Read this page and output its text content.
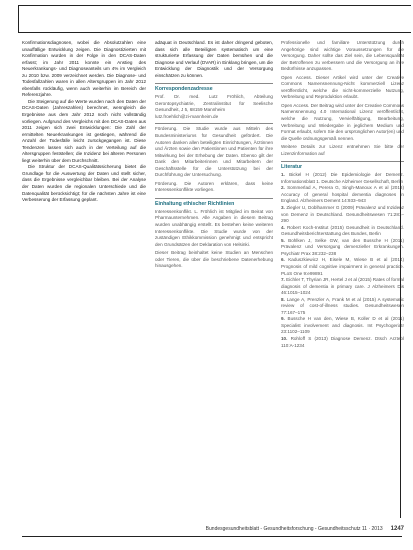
Konfirmationsdiagnosen, wobei die Absolutzahlen eine unauffällige Entwicklung zeigen. Die Diagnostizierten mit Konfirmation wurden in der Folge in den DCAS-Daten erfasst; im Jahr 2011 konnte ein Anstieg des Neuerkrankungs- und Diagnoseanteils um 4% im Vergleich zu 2010 bzw. 2009 verzeichnet werden. Die Diagnose- und Todesfallzahlen waren in allen Altersgruppen im Jahr 2012 ebenfalls rückläufig, wenn auch weiterhin im Bereich der Referenzjahre.

Die Steigerung auf die Werte wurden nach den Daten der DCAS-Daten (Jahreszahlen) berechnet, wenngleich die Ergebnisse aus dem Jahr 2012 noch nicht vollständig vorliegen. Aufgrund des Vergleichs mit den DCAS-Daten aus 2011 zeigen sich zwei Entwicklungen: Die Zahl der ermittelten Neuerkrankungen ist gestiegen, während die Anzahl der Todesfälle leicht zurückgegangen ist. Diese Tendenzen lassen sich auch in der Verteilung auf die Altersgruppen feststellen; die Inzidenz bei älteren Personen liegt weiterhin über dem Durchschnitt.

Die Struktur der DCAS-Qualitätssicherung bietet die Grundlage für die Auswertung der Daten und stellt sicher, dass die Ergebnisse vergleichbar bleiben. Bei der Analyse der Daten wurden die regionalen Unterschiede und die Datenqualität berücksichtigt; für die nächsten Jahre ist eine Verbesserung der Erfassung geplant.

adäquat in Deutschland. Es ist daher dringend geboten, dass sich alle Beteiligten systematisch um eine strukturierte Erfassung der Daten bemühen und die Diagnose und Verlauf (DVAR) in Einklang bringen, um die Entwicklung der Diagnostik und der Versorgung einschätzen zu können.

Korrespondenzadresse

Prof. Dr. med. Lutz Fröhlich, Abteilung Gerontopsychiatrie, Zentralinstitut für Seelische Gesundheit, J 5, 68159 Mannheim

lutz.froehlich@zi-mannheim.de

Förderung. Die Studie wurde aus Mitteln des Bundesministeriums für Gesundheit gefördert. Die Autoren danken allen beteiligten Einrichtungen, Ärztinnen und Ärzten sowie den Patientinnen und Patienten für ihre Mitwirkung bei der Erhebung der Daten. Ebenso gilt der Dank den Mitarbeiterinnen und Mitarbeitern der Geschäftsstelle für die Unterstützung bei der Durchführung der Untersuchung.

Förderung. Die Autoren erklären, dass keine Interessenkonflikte vorliegen.

Einhaltung ethischer Richtlinien

Interessenkonflikt. L. Fröhlich ist Mitglied im Beirat von Pharmaunternehmen. Alle Angaben in diesem Beitrag wurden unabhängig erstellt. Es bestehen keine weiteren Interessenkonflikte. Die Studie wurde von der zuständigen Ethikkommission genehmigt und entspricht den Grundsätzen der Deklaration von Helsinki.

Dieser Beitrag beinhaltet keine Studien an Menschen oder Tieren, die über die beschriebene Datenerhebung hinausgehen.

Professionelle und familiäre Unterstützung durch Angehörige sind wichtige Voraussetzungen für die Versorgung. Daher sollte das Ziel sein, die Lebensqualität der Betroffenen zu verbessern und die Versorgung an ihre Bedürfnisse anzupassen.

Open Access. Dieser Artikel wird unter der Creative Commons Namensnennung-Nicht kommerziell Lizenz veröffentlicht, welche die nicht-kommerzielle Nutzung, Verbreitung und Reproduktion erlaubt.

Open Access. Der Beitrag wird unter der Creative Commons Namensnennung 4.0 International Lizenz veröffentlicht, welche die Nutzung, Vervielfältigung, Bearbeitung, Verbreitung und Wiedergabe in jeglichem Medium und Format erlaubt, sofern Sie den ursprünglichen Autor(en) und die Quelle ordnungsgemäß nennen.

Weitere Details zur Lizenz entnehmen Sie bitte der Lizenzinformation auf

Literatur

1. Bickel H (2012) Die Epidemiologie der Demenz. Informationsblatt 1. Deutsche Alzheimer Gesellschaft, Berlin

2. Sommerlad A, Perera G, Singh-Manoux A et al (2018) Accuracy of general hospital dementia diagnoses in England. Alzheimers Dement 14:933–943

3. Ziegler U, Doblhammer G (2009) Prävalenz und Inzidenz von Demenz in Deutschland. Gesundheitswesen 71:281–290

4. Robert Koch-Institut (2015) Gesundheit in Deutschland. Gesundheitsberichterstattung des Bundes, Berlin

5. Bohlken J, Selke GW, van den Bussche H (2011) Prävalenz und Versorgung demenzieller Erkrankungen. Psychiatr Prax 38:232–238

6. Kaduszkiewicz H, Eisele M, Wiese B et al (2014) Prognosis of mild cognitive impairment in general practice. PLoS One 9:e99891

7. Eichler T, Thyrian JR, Hertel J et al (2015) Rates of formal diagnosis of dementia in primary care. J Alzheimers Dis 46:1015–1024

8. Lange A, Prenzler A, Frank M et al (2015) A systematic review of cost-of-illness studies. Gesundheitswesen 77:167–175

9. Bussche H van den, Wiese B, Koller D et al (2011) Specialist involvement and diagnosis. Int Psychogeriatr 23:1102–1109

10. Rohloff S (2013) Diagnose Demenz. Dtsch Arztebl 110:A-1234

Bundesgesundheitsblatt - Gesundheitsforschung - Gesundheitsschutz 11 · 2013 1247
